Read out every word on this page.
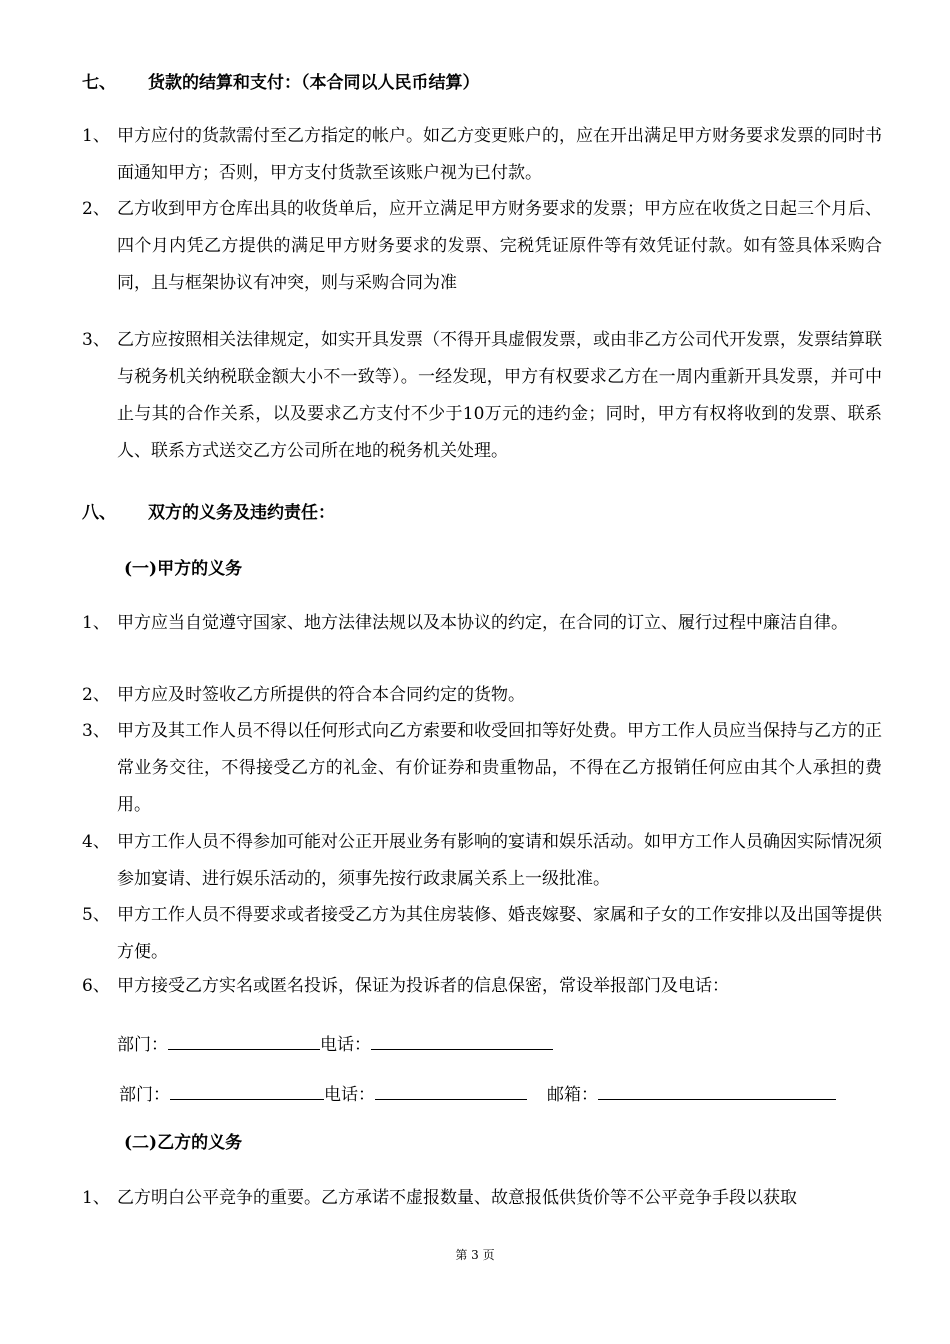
七、 货款的结算和支付：（本合同以人民币结算）
1、 甲方应付的货款需付至乙方指定的帐户。如乙方变更账户的，应在开出满足甲方财务要求发票的同时书面通知甲方；否则，甲方支付货款至该账户视为已付款。
2、 乙方收到甲方仓库出具的收货单后，应开立满足甲方财务要求的发票；甲方应在收货之日起三个月后、四个月内凭乙方提供的满足甲方财务要求的发票、完税凭证原件等有效凭证付款。如有签具体采购合同，且与框架协议有冲突，则与采购合同为准
3、 乙方应按照相关法律规定，如实开具发票（不得开具虚假发票，或由非乙方公司代开发票，发票结算联与税务机关纳税联金额大小不一致等）。一经发现，甲方有权要求乙方在一周内重新开具发票，并可中止与其的合作关系，以及要求乙方支付不少于10万元的违约金；同时，甲方有权将收到的发票、联系人、联系方式送交乙方公司所在地的税务机关处理。
八、 双方的义务及违约责任：
(一)甲方的义务
1、 甲方应当自觉遵守国家、地方法律法规以及本协议的约定，在合同的订立、履行过程中廉洁自律。
2、 甲方应及时签收乙方所提供的符合本合同约定的货物。
3、 甲方及其工作人员不得以任何形式向乙方索要和收受回扣等好处费。甲方工作人员应当保持与乙方的正常业务交往，不得接受乙方的礼金、有价证券和贵重物品，不得在乙方报销任何应由其个人承担的费用。
4、 甲方工作人员不得参加可能对公正开展业务有影响的宴请和娱乐活动。如甲方工作人员确因实际情况须参加宴请、进行娱乐活动的，须事先按行政隶属关系上一级批准。
5、 甲方工作人员不得要求或者接受乙方为其住房装修、婚丧嫁娶、家属和子女的工作安排以及出国等提供方便。
6、 甲方接受乙方实名或匿名投诉，保证为投诉者的信息保密，常设举报部门及电话：
部门：	电话：
部门：	电话：	邮箱：
(二)乙方的义务
1、 乙方明白公平竞争的重要。乙方承诺不虚报数量、故意报低供货价等不公平竞争手段以获取
第 3 页
